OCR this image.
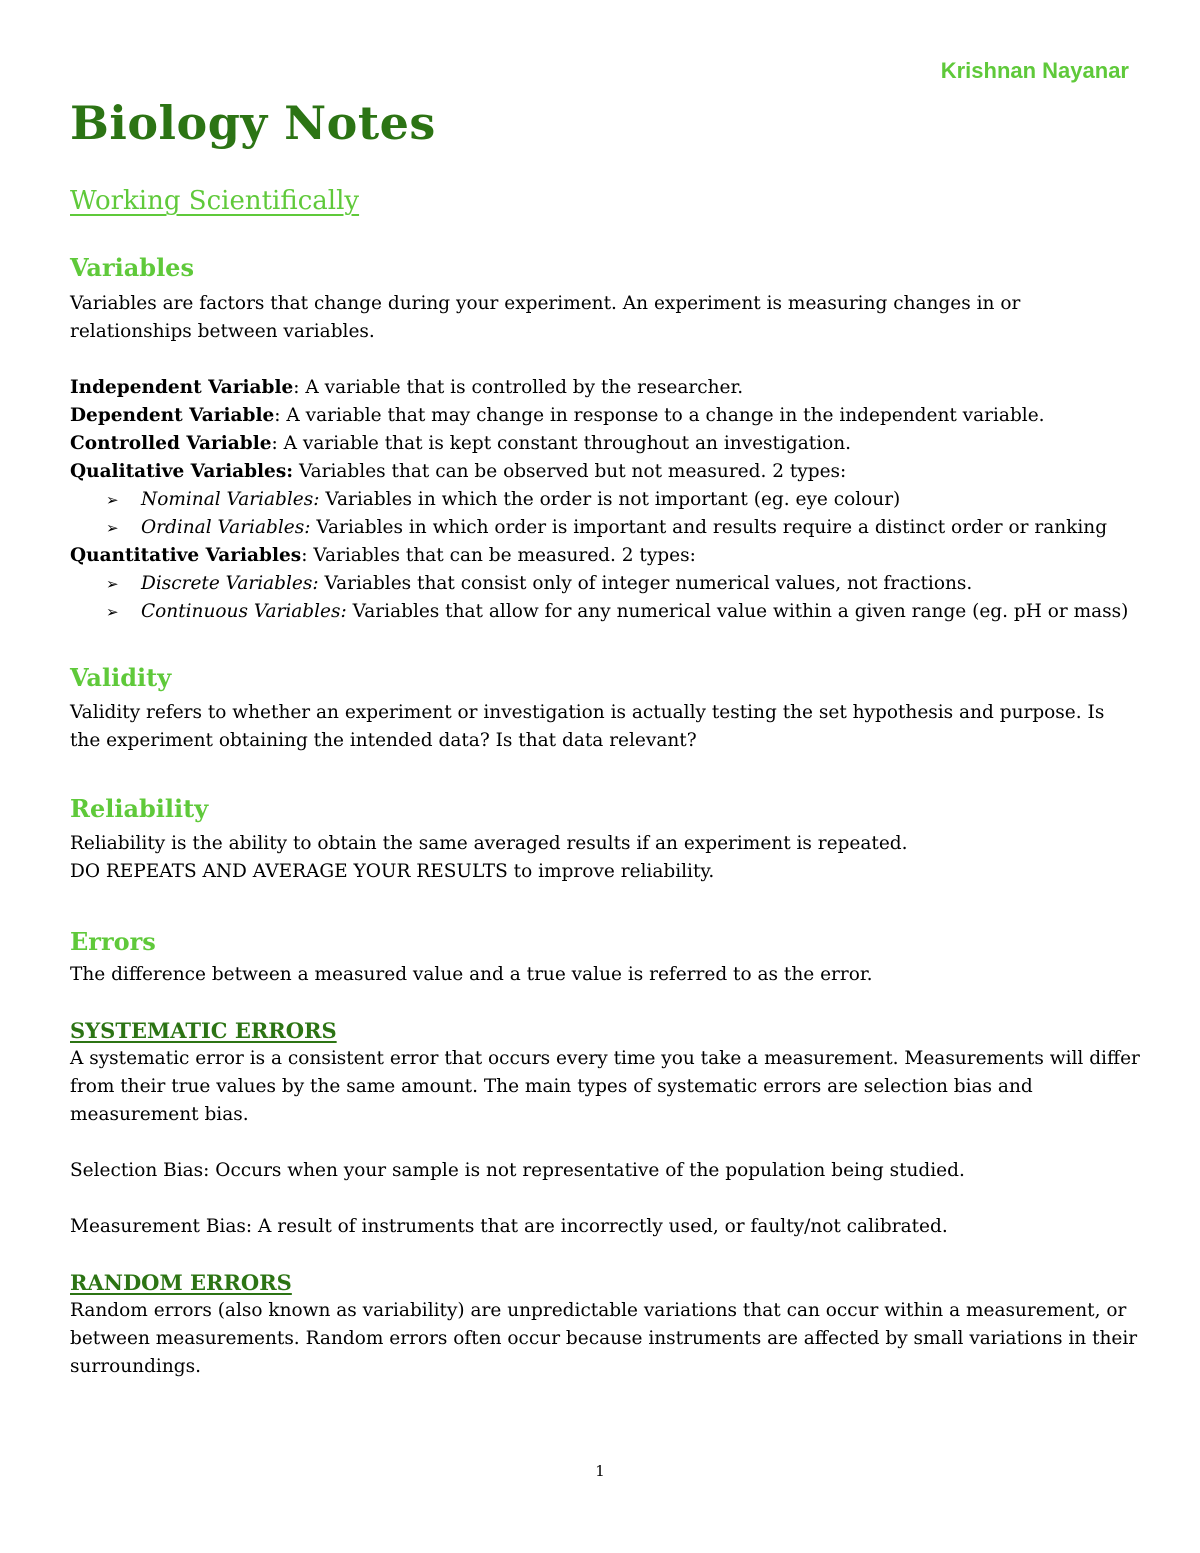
Krishnan Nayanar
Biology Notes
Working Scientifically
Variables

Variables are factors that change during your experiment. An experiment is measuring changes in or relationships between variables.

Independent Variable: A variable that is controlled by the researcher.
Dependent Variable: A variable that may change in response to a change in the independent variable.
Controlled Variable: A variable that is kept constant throughout an investigation.
Qualitative Variables: Variables that can be observed but not measured. 2 types:
➢ Nominal Variables: Variables in which the order is not important (eg. eye colour)
➢ Ordinal Variables: Variables in which order is important and results require a distinct order or ranking
Quantitative Variables: Variables that can be measured. 2 types:
➢ Discrete Variables: Variables that consist only of integer numerical values, not fractions.
➢ Continuous Variables: Variables that allow for any numerical value within a given range (eg. pH or mass)
Validity

Validity refers to whether an experiment or investigation is actually testing the set hypothesis and purpose. Is the experiment obtaining the intended data? Is that data relevant?

Reliability

Reliability is the ability to obtain the same averaged results if an experiment is repeated.

DO REPEATS AND AVERAGE YOUR RESULTS to improve reliability.

Errors

The difference between a measured value and a true value is referred to as the error.

SYSTEMATIC ERRORS

A systematic error is a consistent error that occurs every time you take a measurement. Measurements will differ from their true values by the same amount. The main types of systematic errors are selection bias and measurement bias.

Selection Bias: Occurs when your sample is not representative of the population being studied.

Measurement Bias: A result of instruments that are incorrectly used, or faulty/not calibrated.

RANDOM ERRORS

Random errors (also known as variability) are unpredictable variations that can occur within a measurement, or between measurements. Random errors often occur because instruments are affected by small variations in their surroundings.

1
